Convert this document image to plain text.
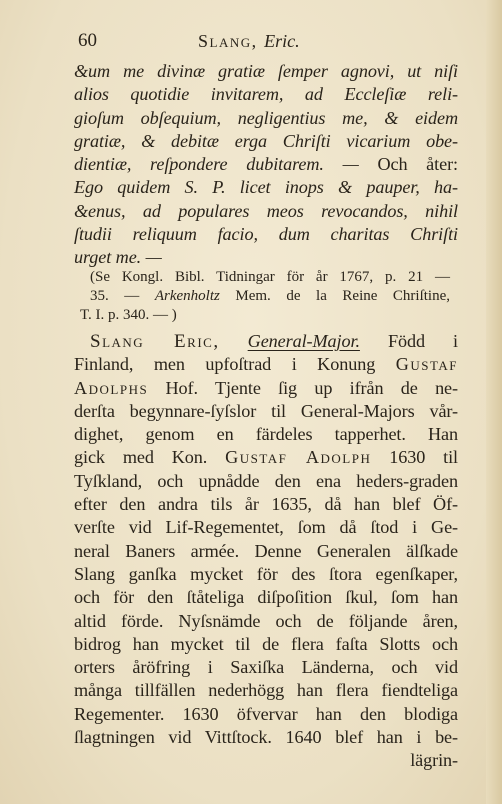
60	Slang, Eric.
&um me divinæ gratiæ ſemper agnovi, ut niſi
alios quotidie invitarem, ad Eccleſiæ reli-
gioſum obſequium, negligentius me, & eidem
gratiæ, & debitæ erga Chriſti vicarium obe-
dientiæ, reſpondere dubitarem. — Och åter:
Ego quidem S. P. licet inops & pauper, ha-
&enus, ad populares meos revocandos, nihil
ſtudii reliquum facio, dum charitas Chriſti
urget me. —
(Se Kongl. Bibl. Tidningar för år 1767, p. 21 —
35. — Arkenholtz Mem. de la Reine Chriſtine,
T. I. p. 340. — )
Slang Eric, General-Major. Född i
Finland, men upfoſtrad i Konung Gustaf
Adolphs Hof. Tjente ſig up ifrån de ne-
derſta begynnare-ſyſslor til General-Majors vår-
dighet, genom en färdeles tapperhet. Han
gick med Kon. Gustaf Adolph 1630 til
Tyſkland, och upnådde den ena heders-graden
efter den andra tils år 1635, då han blef Öf-
verſte vid Lif-Regementet, ſom då ſtod i Ge-
neral Baners armée. Denne Generalen älſkade
Slang ganſka mycket för des ſtora egenſkaper,
och för den ſtåteliga diſpoſition ſkul, ſom han
altid förde. Nyſsnämde och de följande åren,
bidrog han mycket til de flera faſta Slotts och
orters åröfring i Saxiſka Länderna, och vid
många tillfällen nederhögg han flera fiendteliga
Regementer. 1630 öfvervar han den blodiga
ſlagtningen vid Vittſtock. 1640 blef han i be-
lägrin-
